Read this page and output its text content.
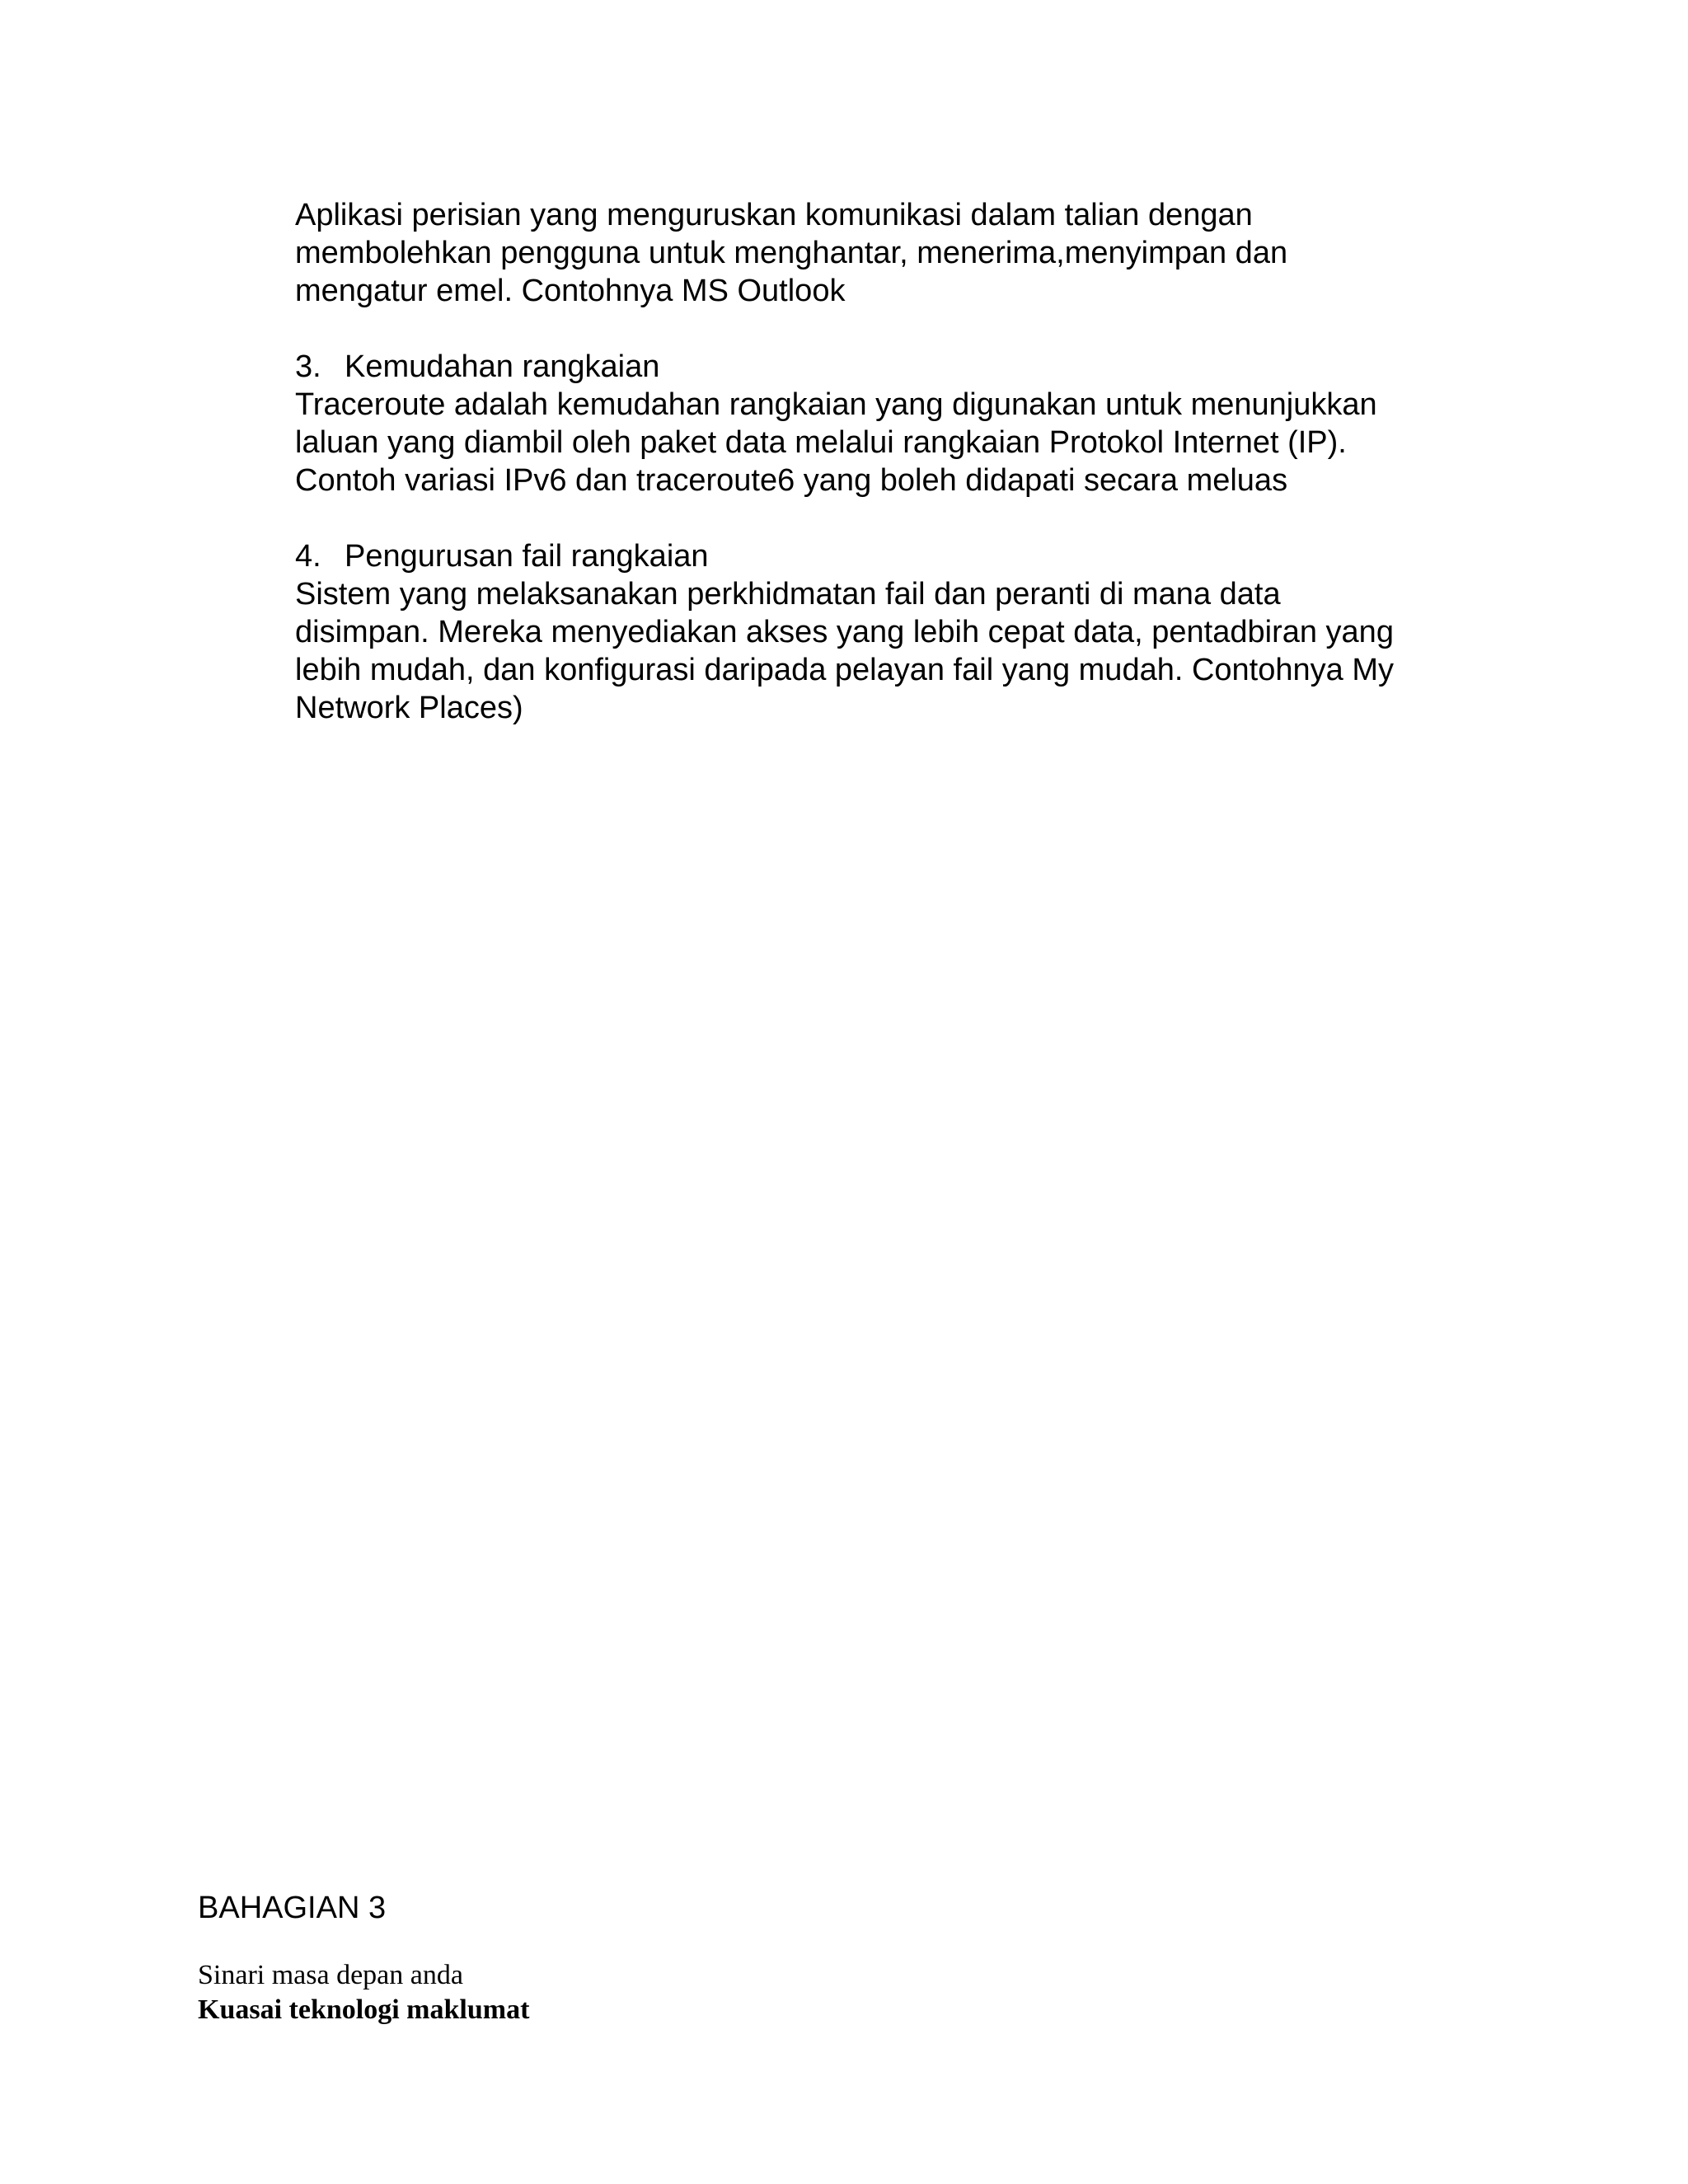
Aplikasi perisian yang menguruskan komunikasi dalam talian dengan
membolehkan pengguna untuk menghantar, menerima,menyimpan dan
mengatur emel. Contohnya MS Outlook
3. Kemudahan rangkaian
Traceroute adalah kemudahan rangkaian yang digunakan untuk menunjukkan
laluan yang diambil oleh paket data melalui rangkaian Protokol Internet (IP).
Contoh variasi IPv6 dan traceroute6 yang boleh didapati secara meluas
4. Pengurusan fail rangkaian
Sistem yang melaksanakan perkhidmatan fail dan peranti di mana data
disimpan. Mereka menyediakan akses yang lebih cepat data, pentadbiran yang
lebih mudah, dan konfigurasi daripada pelayan fail yang mudah. Contohnya My
Network Places)
BAHAGIAN 3
Sinari masa depan anda
Kuasai teknologi maklumat
